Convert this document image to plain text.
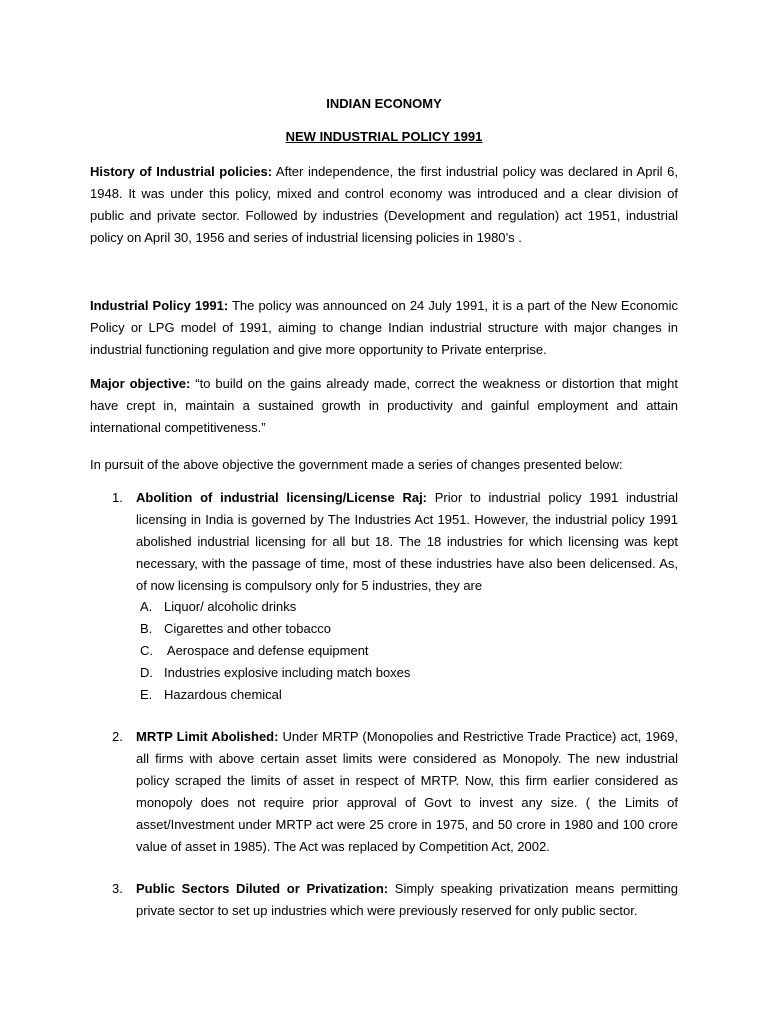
INDIAN ECONOMY

NEW INDUSTRIAL POLICY 1991

History of Industrial policies: After independence, the first industrial policy was declared in April 6, 1948. It was under this policy, mixed and control economy was introduced and a clear division of public and private sector. Followed by industries (Development and regulation) act 1951, industrial policy on April 30, 1956 and series of industrial licensing policies in 1980’s .

Industrial Policy 1991: The policy was announced on 24 July 1991, it is a part of the New Economic Policy or LPG model of 1991, aiming to change Indian industrial structure with major changes in industrial functioning regulation and give more opportunity to Private enterprise.

Major objective: “to build on the gains already made, correct the weakness or distortion that might have crept in, maintain a sustained growth in productivity and gainful employment and attain international competitiveness.”

In pursuit of the above objective the government made a series of changes presented below:

1.	Abolition of industrial licensing/License Raj: Prior to industrial policy 1991 industrial licensing in India is governed by The Industries Act 1951. However, the industrial policy 1991 abolished industrial licensing for all but 18. The 18 industries for which licensing was kept necessary, with the passage of time, most of these industries have also been delicensed. As, of now licensing is compulsory only for 5 industries, they are
A. Liquor/ alcoholic drinks
B. Cigarettes and other tobacco
C. Aerospace and defense equipment
D. Industries explosive including match boxes
E. Hazardous chemical
2.	MRTP Limit Abolished: Under MRTP (Monopolies and Restrictive Trade Practice) act, 1969, all firms with above certain asset limits were considered as Monopoly. The new industrial policy scraped the limits of asset in respect of MRTP. Now, this firm earlier considered as monopoly does not require prior approval of Govt to invest any size. ( the Limits of asset/Investment under MRTP act were 25 crore in 1975, and 50 crore in 1980 and 100 crore value of asset in 1985). The Act was replaced by Competition Act, 2002.
3.	Public Sectors Diluted or Privatization: Simply speaking privatization means permitting private sector to set up industries which were previously reserved for only public sector.
